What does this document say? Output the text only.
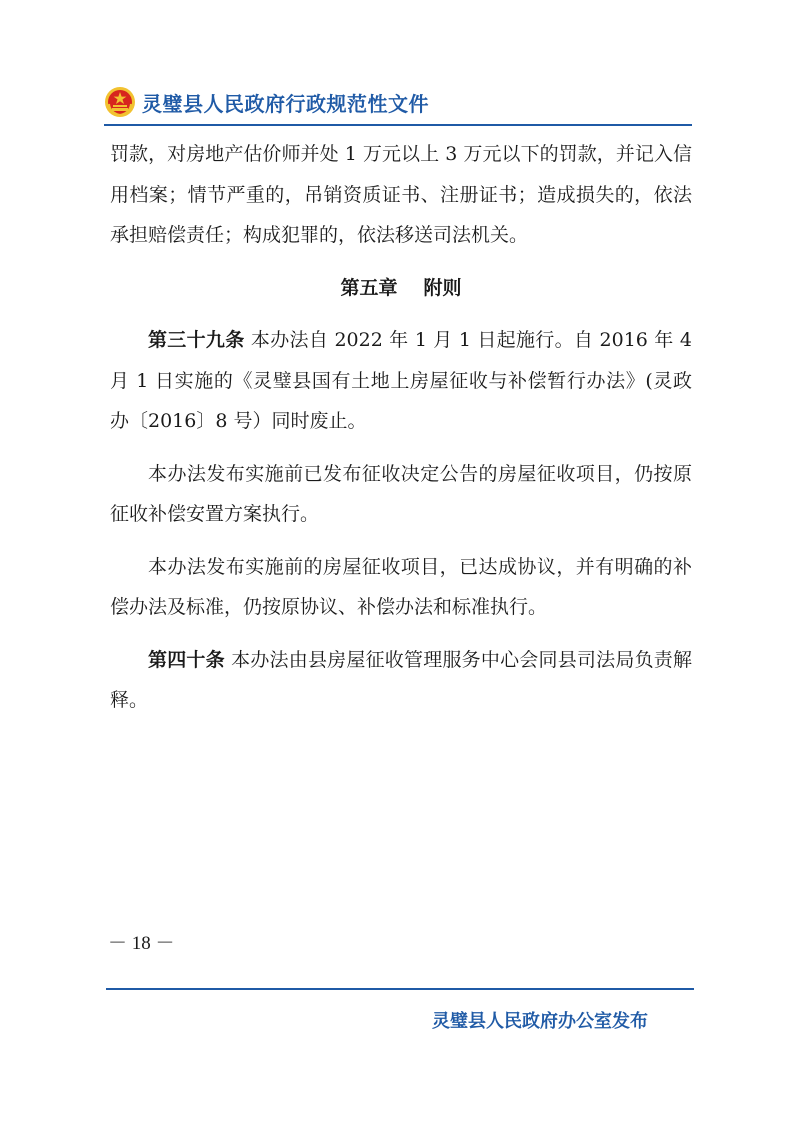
灵璧县人民政府行政规范性文件

罚款，对房地产估价师并处 1 万元以上 3 万元以下的罚款，并记入信用档案；情节严重的，吊销资质证书、注册证书；造成损失的，依法承担赔偿责任；构成犯罪的，依法移送司法机关。

第五章 附则

第三十九条 本办法自 2022 年 1 月 1 日起施行。自 2016 年 4 月 1 日实施的《灵璧县国有土地上房屋征收与补偿暂行办法》(灵政办〔2016〕8 号）同时废止。

本办法发布实施前已发布征收决定公告的房屋征收项目，仍按原征收补偿安置方案执行。

本办法发布实施前的房屋征收项目，已达成协议，并有明确的补偿办法及标准，仍按原协议、补偿办法和标准执行。

第四十条 本办法由县房屋征收管理服务中心会同县司法局负责解释。

－ 18 －
灵璧县人民政府办公室发布
